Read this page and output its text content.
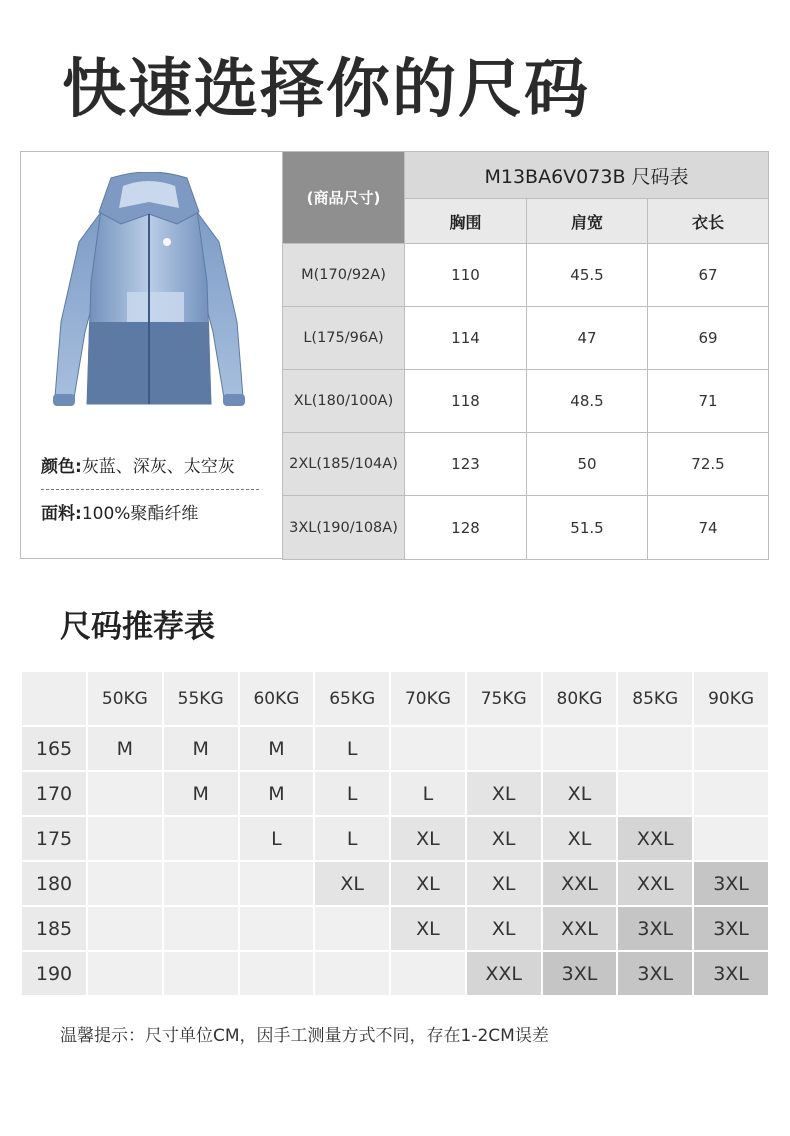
快速选择你的尺码
颜色:灰蓝、深灰、太空灰
面料:100%聚酯纤维
(商品尺寸)	M13BA6V073B 尺码表		
	胸围	肩宽	衣长
M(170/92A)	110	45.5	67
L(175/96A)	114	47	69
XL(180/100A)	118	48.5	71
2XL(185/104A)	123	50	72.5
3XL(190/108A)	128	51.5	74
尺码推荐表
	50KG	55KG	60KG	65KG	70KG	75KG	80KG	85KG	90KG
165	M	M	M	L					
170		M	M	L	L	XL	XL		
175			L	L	XL	XL	XL	XXL	
180				XL	XL	XL	XXL	XXL	3XL
185					XL	XL	XXL	3XL	3XL
190						XXL	3XL	3XL	3XL
温馨提示：尺寸单位CM，因手工测量方式不同，存在1-2CM误差
